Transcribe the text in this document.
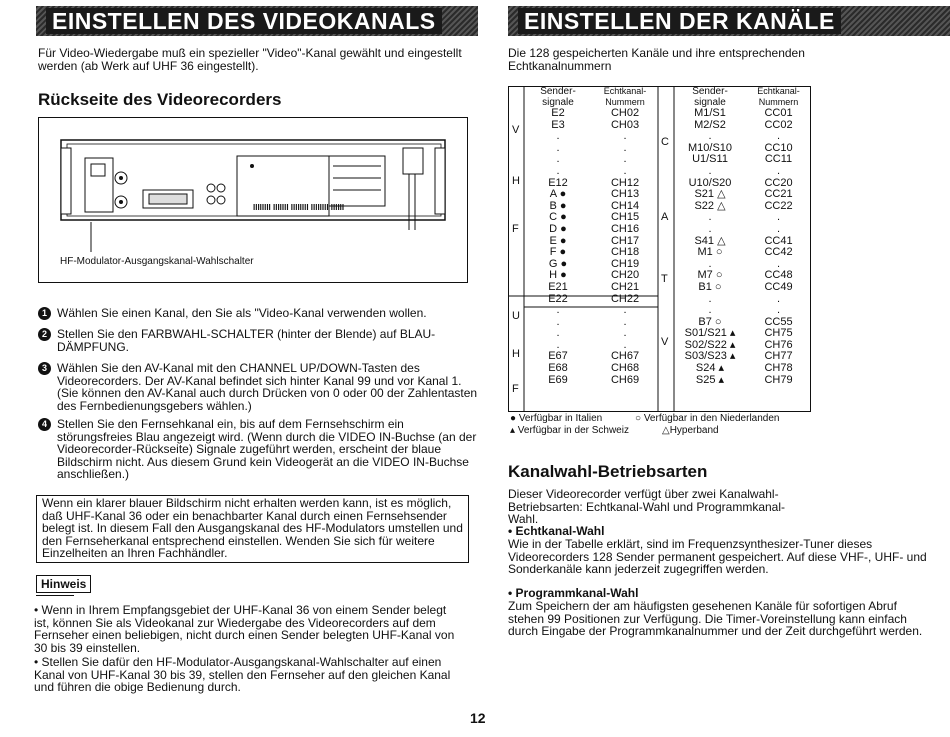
EINSTELLEN DES VIDEOKANALS
Für Video-Wiedergabe muß ein spezieller "Video"-Kanal gewählt und eingestellt werden (ab Werk auf UHF 36 eingestellt).
Rückseite des Videorecorders
IIIIIIII IIIIIII IIIIIIII IIIIIIII IIIIII
HF-Modulator-Ausgangskanal-Wahlschalter
1 Wählen Sie einen Kanal, den Sie als "Video-Kanal verwenden wollen.
2 Stellen Sie den FARBWAHL-SCHALTER (hinter der Blende) auf BLAU-DÄMPFUNG.
3 Wählen Sie den AV-Kanal mit den CHANNEL UP/DOWN-Tasten des Videorecorders. Der AV-Kanal befindet sich hinter Kanal 99 und vor Kanal 1. (Sie können den AV-Kanal auch durch Drücken von 0 oder 00 der Zahlentasten des Fernbedienungsgebers wählen.)
4 Stellen Sie den Fernsehkanal ein, bis auf dem Fernsehschirm ein störungsfreies Blau angezeigt wird. (Wenn durch die VIDEO IN-Buchse (an der Videorecorder-Rückseite) Signale zugeführt werden, erscheint der blaue Bildschirm nicht. Aus diesem Grund kein Videogerät an die VIDEO IN-Buchse anschließen.)
Wenn ein klarer blauer Bildschirm nicht erhalten werden kann, ist es möglich, daß UHF-Kanal 36 oder ein benachbarter Kanal durch einen Fernsehsender belegt ist. In diesem Fall den Ausgangskanal des HF-Modulators umstellen und den Fernseherkanal entsprechend einstellen. Wenden Sie sich für weitere Einzelheiten an Ihren Fachhändler.
Hinweis
• Wenn in Ihrem Empfangsgebiet der UHF-Kanal 36 von einem Sender belegt ist, können Sie als Videokanal zur Wiedergabe des Videorecorders auf dem Fernseher einen beliebigen, nicht durch einen Sender belegten UHF-Kanal von 30 bis 39 einstellen.
• Stellen Sie dafür den HF-Modulator-Ausgangskanal-Wahlschalter auf einen Kanal von UHF-Kanal 30 bis 39, stellen den Fernseher auf den gleichen Kanal und führen die obige Bedienung durch.
EINSTELLEN DER KANÄLE
Die 128 gespeicherten Kanäle und ihre entsprechenden Echtkanalnummern
	Sender-
signale	Echtkanal-
Nummern		Sender-
signale	Echtkanal-
Nummern
	E2	CH02		M1/S1	CC01
	E3	CH03		M2/S2	CC02
	.	.		.	.
	.	.		M10/S10	CC10
	.	.		U1/S11	CC11
	.	.		.	.
	E12	CH12		U10/S20	CC20
	A ●	CH13		S21 △	CC21
	B ●	CH14		S22 △	CC22
	C ●	CH15		.	.
	D ●	CH16		.	.
	E ●	CH17		S41 △	CC41
	F ●	CH18		M1 ○	CC42
	G ●	CH19		.	.
	H ●	CH20		M7 ○	CC48
	E21	CH21		B1 ○	CC49
	E22	CH22		.	.
	.	.		.	.
	.	.		B7 ○	CC55
	.	.		S01/S21 ▴	CH75
	.	.		S02/S22 ▴	CH76
	E67	CH67		S03/S23 ▴	CH77
	E68	CH68		S24 ▴	CH78
	E69	CH69		S25 ▴	CH79
V
H
F
U
H
F
C
A
T
V
● Verfügbar in Italien	○ Verfügbar in den Niederlanden
▴ Verfügbar in der Schweiz	△Hyperband
Kanalwahl-Betriebsarten
Dieser Videorecorder verfügt über zwei Kanalwahl-Betriebsarten: Echtkanal-Wahl und Programmkanal-Wahl.
• Echtkanal-Wahl
Wie in der Tabelle erklärt, sind im Frequenzsynthesizer-Tuner dieses Videorecorders 128 Sender permanent gespeichert. Auf diese VHF-, UHF- und Sonderkanäle kann jederzeit zugegriffen werden.
• Programmkanal-Wahl
Zum Speichern der am häufigsten gesehenen Kanäle für sofortigen Abruf stehen 99 Positionen zur Verfügung. Die Timer-Voreinstellung kann einfach durch Eingabe der Programmkanalnummer und der Zeit durchgeführt werden.
12
